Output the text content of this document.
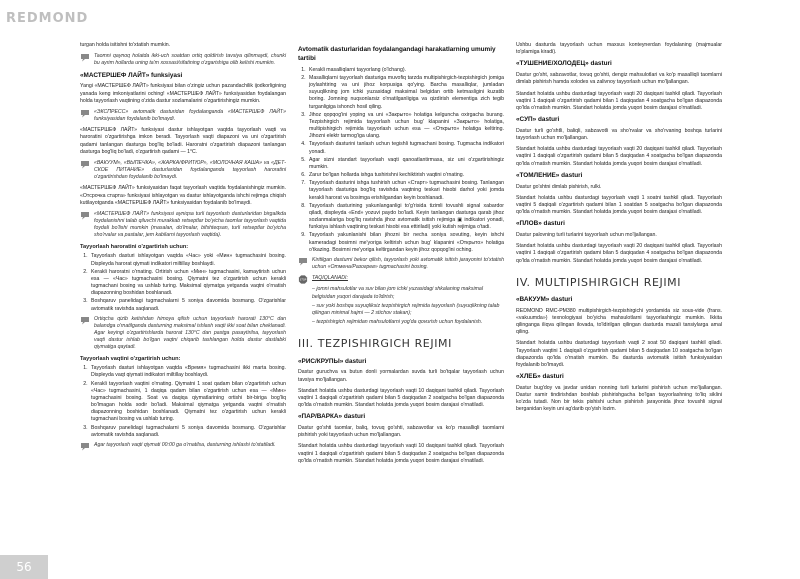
REDMOND

turgan holda isitishni to'xtatish mumkin.

Taomni qaynoq holatda ikki-uch soatdan ortiq qoldirish tavsiya qilinmaydi, chunki bu ayrim hollarda uning ta'm xossasi/sifatining o'zgarishiga olib kelishi mumkin.
«МАСТЕРШЕФ ЛАЙТ» funksiyasi

Yangi «МАСТЕРШЕФ ЛАЙТ» funksiyasi bilan o'zingiz uchun pazandachilik ijodkorligining yanada keng imkoniyatlarini oching! «МАСТЕРШЕФ ЛАЙТ» funksiyasidan foydalangan holda tayyorlash vaqtining o'zida dastur sozlamalarini o'zgartirishingiz mumkin.

«ЭКСПРЕСС» avtomatik dasturidan foydalanganda «МАСТЕРШЕФ ЛАЙТ» funksiyasidan foydalanib bo'lmaydi.

«МАСТЕРШЕФ ЛАЙТ» funksiyasi dastur ishlayotgan vaqtda tayyorlash vaqti va haroratini o'zgartirishga imkon beradi. Tayyorlash vaqti diapazoni va uni o'zgartirish qadami tanlangan dasturga bog'liq bo'ladi. Haroratni o'zgartirish diapazoni tanlangan dasturga bog'liq bo'ladi, o'zgartirish qadami — 1°C.

«ВАКУУМ», «ВЫПЕЧКА», «ЖАРКА/ФРИТЮР», «МОЛОЧНАЯ КАША» va «ДЕТ-СКОЕ ПИТАНИЕ» dasturlaridan foydalanganda tayyorlash haroratini o'zgartirishdan foydalanib bo'lmaydi.

«МАСТЕРШЕФ ЛАЙТ» funksiyasidan faqat tayyorlash vaqtida foydalanishingiz mumkin. «Отсрочка старта» funksiyasi ishlayotgan va dastur ishlayotganda ishchi rejimga chiqish kutilayotganda «МАСТЕРШЕФ ЛАЙТ» funksiyasidan foydalanib bo'lmaydi.

«МАСТЕРШЕФ ЛАЙТ» funksiyasi ayniqsa turli tayyorlash dasturlaridan birgalikda foydalanishni talab qiluvchi murakkab retseptlar bo'yicha taomlar tayyorlash vaqtida foydali bo'lishi mumkin (masalan, do'lmalar, bifshteqsan, turli retseptlar bo'yicha sho'rvalar va pastalar, jem kabilarni tayyorlash vaqtida).
Tayyorlash haroratini o'zgartirish uchun:
1. Tayyorlash dasturi ishlayotgan vaqtda «Час» yoki «Мин» tugmachasini bosing. Displeyda harorat qiymati indikatori miltillay boshlaydi.
2. Kerakli haroratni o'rnating. Ortirish uchun «Мин» tugmachasini, kamaytirish uchun esa — «Час» tugmachasini bosing. Qiymatni tez o'zgartirish uchun kerakli tugmachani bosing va ushlab turing. Maksimal qiymatga yetganda vaqtni o'rnatish diapazonning boshidan boshlanadi.
3. Boshqaruv panelidagi tugmachalarni 5 soniya davomida bosmang. O'zgarishlar avtomatik ravishda saqlanadi.
Ortiqcha qizib ketishdan himoya qilish uchun tayyorlash harorati 130°C dan balandga o'rnatilganda dasturning maksimal ishlash vaqti ikki soat bilan cheklanadi. Agar keyingi o'zgartirishlarda harorat 130°C dan pastga pasaytirilsa, tayyorlash vaqti dastur ishlab bo'lgan vaqtni chiqarib tashlangan holda dastur dastlabki qiymatiga qaytadi.
Tayyorlash vaqtini o'zgartirish uchun:
1. Tayyorlash dasturi ishlayotgan vaqtda «Время» tugmachasini ikki marta bosing. Displeyda vaqt qiymati indikatori miltillay boshlaydi.
2. Kerakli tayyorlash vaqtini o'rnating. Qiymatni 1 soat qadam bilan o'zgartirish uchun «Час» tugmachasini, 1 daqiqa qadam bilan o'zgartirish uchun esa — «Мин» tugmachasini bosing. Soat va daqiqa qiymatlarining ortishi bir-biriga bog'liq bo'lmagan holda sodir bo'ladi. Maksimal qiymatga yetganda vaqtni o'rnatish diapazonning boshidan boshlanadi. Qiymatni tez o'zgartirish uchun kerakli tugmachani bosing va ushlab turing.
3. Boshqaruv panelidagi tugmachalarni 5 soniya davomida bosmang. O'zgarishlar avtomatik ravishda saqlanadi.
Agar tayyorlash vaqti qiymati 00:00 ga o'rnatilsa, dasturning ishlashi to'xtatiladi.
Avtomatik dasturlaridan foydalangandagi harakatlarning umumiy tartibi
1. Kerakli masalliqlarni tayyorlang (o'lchang).
2. Masalliqlarni tayyorlash dasturiga muvofiq tarzda multipishirgich-tezpishirgich jomiga joylashtiring va uni jihoz korpusiga qo'ying. Barcha masalliqlar, jumladan suyuqlikning jom ichki yuzasidagi maksimal belgidan ortib ketmasligini kuzatib boring. Jomning nuqsonlarsiz o'rnatilganligiga va qizdirish elementiga zich tegib turganligiga ishonch hosil qiling.
3. Jihoz qopqog'ini yoping va uni «Закрыто» holatiga kelguncha oxirgacha burang. Tezpishirgich rejimida tayyorlash uchun bug' klapanini «Закрыто» holatiga, multipishirgich rejimida tayyorlash uchun esa — «Открыто» holatiga keltiring. Jihozni elektr tarmog'iga ulang.
4. Tayyorlash dasturini tanlash uchun tegishli tugmachani bosing. Tugmacha indikatori yonadi.
5. Agar sizni standart tayyorlash vaqti qanoatlantirmasa, siz uni o'zgartirishingiz mumkin.
6. Zarur bo'lgan hollarda ishga tushirishni kechiktirish vaqtini o'rnating.
7. Tayyorlash dasturini ishga tushirish uchun «Старт» tugmachasini bosing. Tanlangan tayyorlash dasturiga bog'liq ravishda vaqtning teskari hisobi darhol yoki jomda kerakli harorat va bosimga erishilgandan keyin boshlanadi.
8. Tayyorlash dasturining yakunlanganligi to'g'risida tizimli tovushli signal xabardor qiladi, displeyda «End» yozuvi paydo bo'ladi. Keyin tanlangan dasturga qarab jihoz sozlanmalariga bog'liq ravishda jihoz avtomatik isitish rejimiga ▣ indikatori yonadi, funksiya ishlash vaqtining teskari hisobi esa ettiriladi) yoki kutish rejimiga o'tadi.
9. Tayyorlash yakunlanishi bilan jihozni bir necha soniya sovuting, keyin ishchi kameradagi bosimni me'yoriga keltirish uchun bug' klapanini «Открыто» holatiga o'tkazing. Bosimni me'yoriga keltirgandan keyin jihoz qopqog'ini oching.
Kiritilgan dasturni bekor qilish, tayyorlash yoki avtomatik isitish jarayonini to'xtatish uchun «Отмена/Разогрев» tugmachasini bosing.
STOP TAQIQLANADI:
– jomni mahsulotlar va suv bilan jom ichki yuzasidagi shkalaning maksimal belgisidan yuqori darajada to'ldirish;
– suv yoki boshqa suyuqliksiz tezpishirgich rejimida tayyorlash (suyuqlikning talab qilingan minimal hajmi — 2 stichov stakan);
– tezpishirgich rejimidan mahsulotlarni yog'da qovurish uchun foydalanish.
III. TEZPISHIRGICH REJIMI
«РИС/КРУПЫ» dasturi

Dastur guruchva va butun donli yormalardan suvda turli bo'tqalar tayyorlash uchun tavsiya mo'ljallangan.

Standart holatda ushbu dasturdagi tayyorlash vaqti 10 daqiqani tashkil qiladi. Tayyorlash vaqtini 1 daqiqali o'zgartirish qadami bilan 5 daqiqadan 2 soatgacha bo'lgan diapazonda qo'lda o'rnatish mumkin. Standart holatda jomda yuqori bosim darajasi o'rnatiladi.

«ПАР/ВАРКА» dasturi

Dastur go'shti taomlar, baliq, tovuq go'shti, sabzavotlar va ko'p masalliqli taomlarni pishirish yoki tayyorlash uchun mo'ljallangan.

Standart holatda ushbu dasturdagi tayyorlash vaqti 10 daqiqani tashkil qiladi. Tayyorlash vaqtini 1 daqiqali o'zgartirish qadami bilan 5 daqiqadan 2 soatgacha bo'lgan diapazonda qo'lda o'rnatish mumkin. Standart holatda jomda yuqori bosim darajasi o'rnatiladi.

Ushbu dasturda tayyorlash uchun maxsus konteynerdan foydalaning (majmualar to'plamiga kiradi).

«ТУШЕНИЕ/ХОЛОДЕЦ» dasturi

Dastur go'sht, sabzavotlar, tovuq go'shti, dengiz mahsulotlari va ko'p masalliqli taomlarni dimlab pishirish hamda xolodes va zalivnoy tayyorlash uchun mo'ljallangan.

Standart holatda ushbu dasturdagi tayyorlash vaqti 20 daqiqani tashkil qiladi. Tayyorlash vaqtini 1 daqiqali o'zgartirish qadami bilan 1 daqiqadan 4 soatgacha bo'lgan diapazonda qo'lda o'rnatish mumkin. Standart holatda jomda yuqori bosim darajasi o'rnatiladi.

«СУП» dasturi

Dastur turli go'shtli, baliqli, sabzavotli va sho'rvalar va sho'rvaning boshqa turlarini tayyorlash uchun mo'ljallangan.

Standart holatda ushbu dasturdagi tayyorlash vaqti 20 daqiqani tashkil qiladi. Tayyorlash vaqtini 1 daqiqali o'zgartirish qadami bilan 5 daqiqadan 4 soatgacha bo'lgan diapazonda qo'lda o'rnatish mumkin. Standart holatda jomda yuqori bosim darajasi o'rnatiladi.

«ТОМЛЕНИЕ» dasturi

Dastur go'shtni dimlab pishirish, rulki.

Standart holatda ushbu dasturdagi tayyorlash vaqti 1 soatni tashkil qiladi. Tayyorlash vaqtini 5 daqiqali o'zgartirish qadami bilan 1 soatdan 5 soatgacha bo'lgan diapazonda qo'lda o'rnatish mumkin. Standart holatda jomda yuqori bosim darajasi o'rnatiladi.

«ПЛОВ» dasturi

Dastur palovning turli turlarini tayyorlash uchun mo'ljallangan.

Standart holatda ushbu dasturdagi tayyorlash vaqti 20 daqiqani tashkil qiladi. Tayyorlash vaqtini 1 daqiqali o'zgartirish qadami bilan 5 daqiqadan 4 soatgacha bo'lgan diapazonda qo'lda o'rnatish mumkin. Standart holatda jomda yuqori bosim darajasi o'rnatiladi.

IV. MULTIPISHIRGICH REJIMI
«ВАКУУМ» dasturi

REDMOND RMC-PM380 multipishirgich-tezpishirgichi yordamida siz sous-vide (frans. «vakuumda») texnologiyasi bo'yicha mahsulotlarni tayyorlashingiz mumkin. Ikkita qilinganga iliqva qilingan ilovada, to'ldirilgan qilingan dasturda mazali tansiylarga amal qiling.

Standart holatda ushbu dasturdagi tayyorlash vaqti 2 soat 50 daqiqani tashkil qiladi. Tayyorlash vaqtini 1 daqiqali o'zgartirish qadami bilan 5 daqiqadan 10 soatgacha bo'lgan diapazonda qo'lda o'rnatish mumkin. Bu dasturda avtomatik isitish funksiyasidan foydalanib bo'lmaydi.

«ХЛЕБ» dasturi

Dastur bug'doy va javdar unidan nonning turli turlarini pishirish uchun mo'ljallangan. Dastur xamir tindirishdan boshlab pishirishgacha bo'lgan tayyorlashning to'liq siklini ko'zda tutadi. Non bir tekis pishishi uchun pishirish jarayonida jihoz tovushli signal berganidan keyin uni ag'darib qo'yish lozim.

56
